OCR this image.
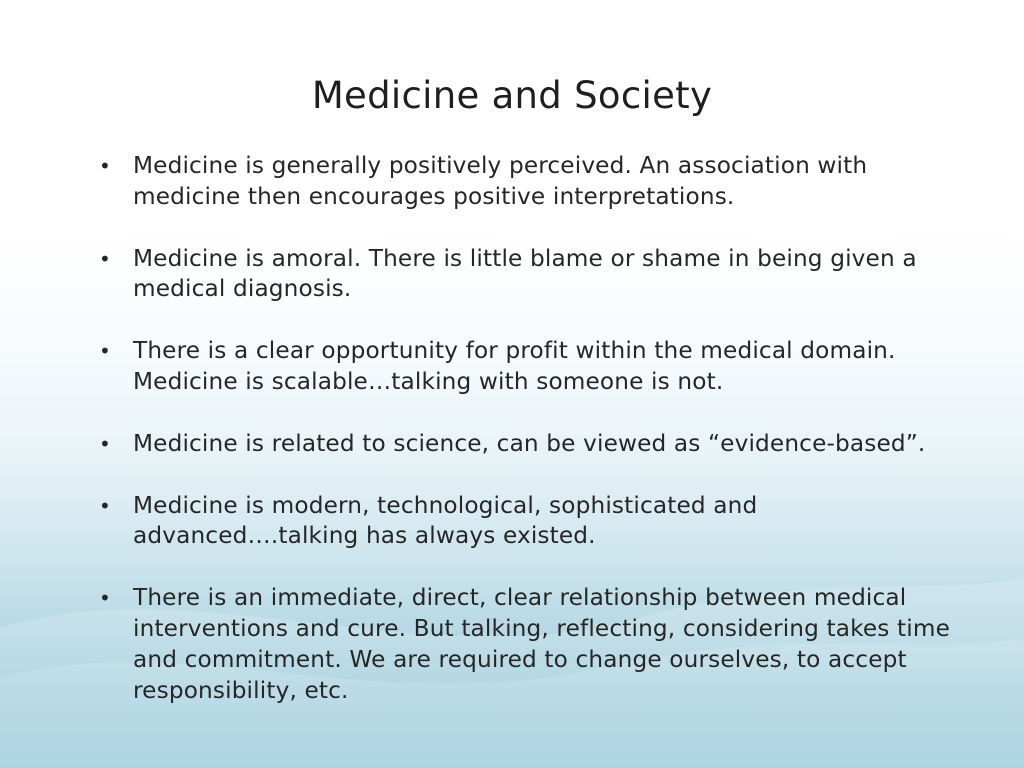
Medicine and Society
• Medicine is generally positively perceived. An association with medicine then encourages positive interpretations.
• Medicine is amoral. There is little blame or shame in being given a medical diagnosis.
• There is a clear opportunity for profit within the medical domain. Medicine is scalable…talking with someone is not.
• Medicine is related to science, can be viewed as “evidence-based”.
• Medicine is modern, technological, sophisticated and advanced….talking has always existed.
• There is an immediate, direct, clear relationship between medical interventions and cure. But talking, reflecting, considering takes time and commitment. We are required to change ourselves, to accept responsibility, etc.
